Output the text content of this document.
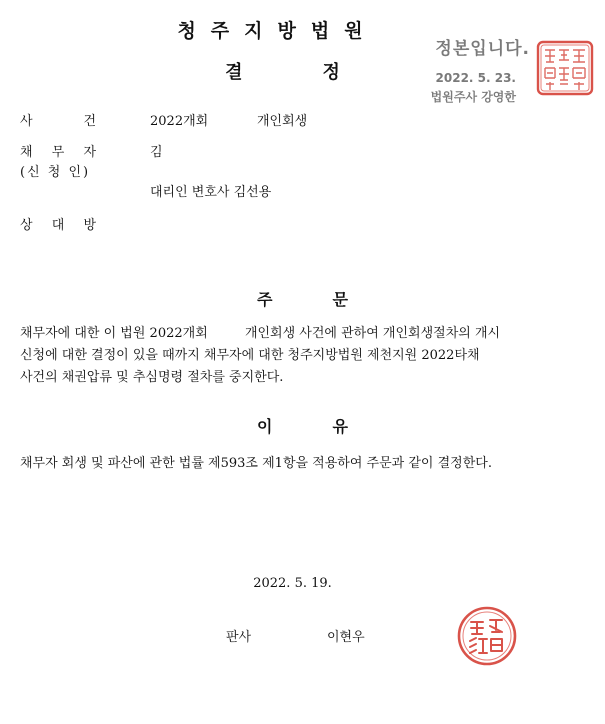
청주지방법원
결정
정본입니다.
2022. 5. 23.
법원주사 강영한
사	건	2022개회	개인회생
채 무 자	김
(신 청 인)
대리인 변호사 김선용
상 대 방
주문
채무자에 대한 이 법원 2022개회         개인회생 사건에 관하여 개인회생절차의 개시
신청에 대한 결정이 있을 때까지 채무자에 대한 청주지방법원 제천지원 2022타채
사건의 채권압류 및 추심명령 절차를 중지한다.
이유
채무자 회생 및 파산에 관한 법률 제593조 제1항을 적용하여 주문과 같이 결정한다.
2022. 5. 19.
판사	이현우
